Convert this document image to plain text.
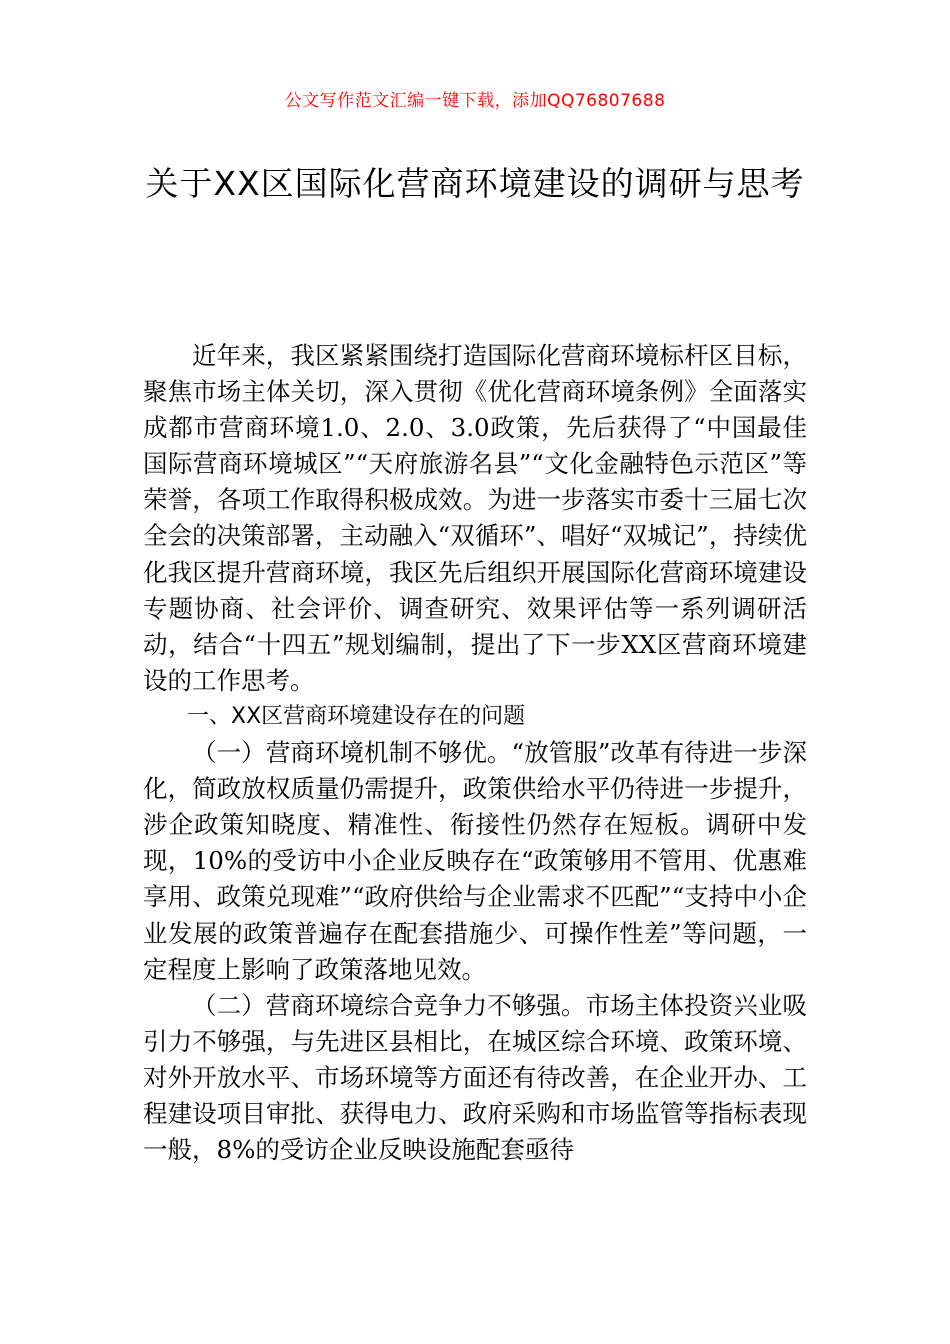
公文写作范文汇编一键下载，添加QQ76807688
关于XX区国际化营商环境建设的调研与思考

近年来，我区紧紧围绕打造国际化营商环境标杆区目标，聚焦市场主体关切，深入贯彻《优化营商环境条例》全面落实成都市营商环境1.0、2.0、3.0政策，先后获得了“中国最佳国际营商环境城区”“天府旅游名县”“文化金融特色示范区”等荣誉，各项工作取得积极成效。为进一步落实市委十三届七次全会的决策部署，主动融入“双循环”、唱好“双城记”，持续优化我区提升营商环境，我区先后组织开展国际化营商环境建设专题协商、社会评价、调查研究、效果评估等一系列调研活动，结合“十四五”规划编制，提出了下一步XX区营商环境建设的工作思考。

一、XX区营商环境建设存在的问题

（一）营商环境机制不够优。“放管服”改革有待进一步深化，简政放权质量仍需提升，政策供给水平仍待进一步提升，涉企政策知晓度、精准性、衔接性仍然存在短板。调研中发现，10%的受访中小企业反映存在“政策够用不管用、优惠难享用、政策兑现难”“政府供给与企业需求不匹配”“支持中小企业发展的政策普遍存在配套措施少、可操作性差”等问题，一定程度上影响了政策落地见效。

（二）营商环境综合竞争力不够强。市场主体投资兴业吸引力不够强，与先进区县相比，在城区综合环境、政策环境、对外开放水平、市场环境等方面还有待改善，在企业开办、工程建设项目审批、获得电力、政府采购和市场监管等指标表现一般，8%的受访企业反映设施配套亟待
